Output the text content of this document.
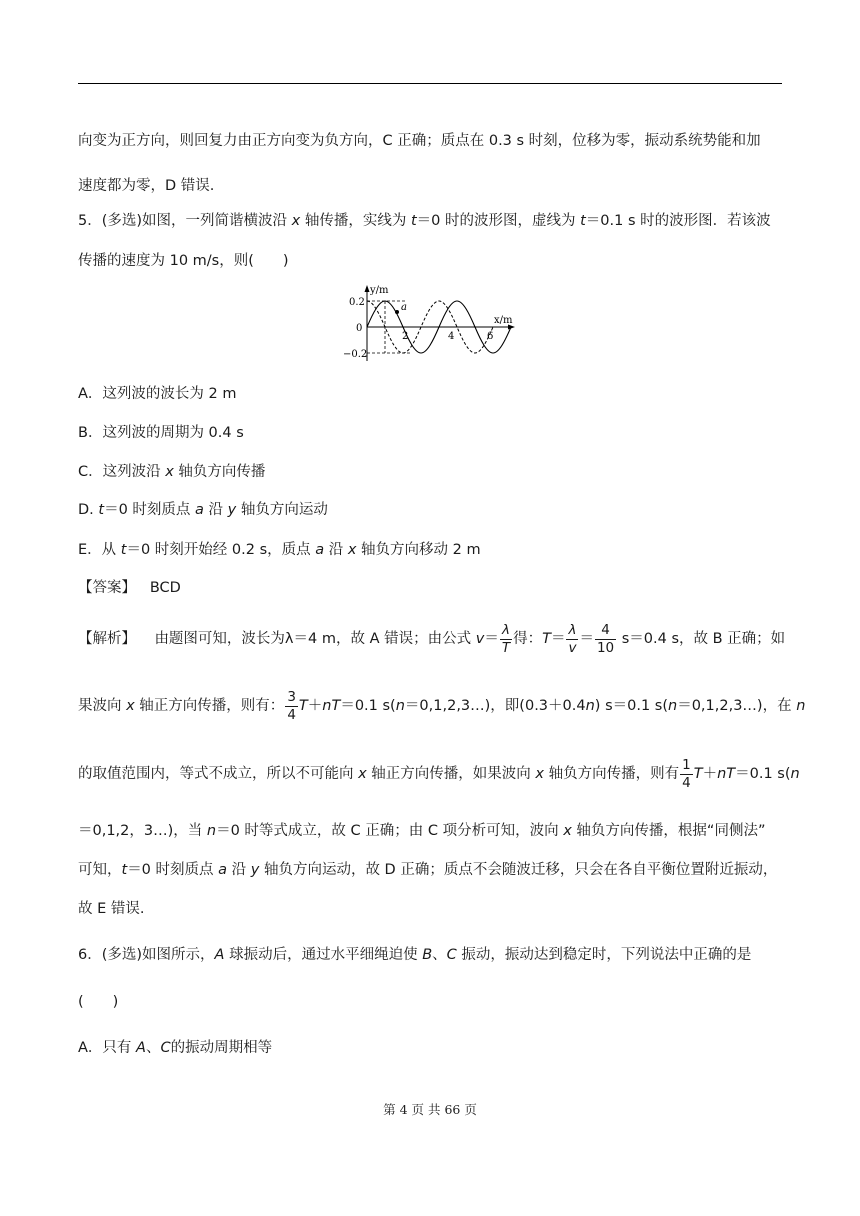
向变为正方向，则回复力由正方向变为负方向，C 正确；质点在 0.3 s 时刻，位移为零，振动系统势能和加
速度都为零，D 错误.
5．(多选)如图，一列简谐横波沿 x 轴传播，实线为 t＝0 时的波形图，虚线为 t＝0.1 s 时的波形图．若该波
传播的速度为 10 m/s，则(　　)
a
y/m
x/m
0.2
0
−0.2
2	4	6
A．这列波的波长为 2 m
B．这列波的周期为 0.4 s
C．这列波沿 x 轴负方向传播
D. t＝0 时刻质点 a 沿 y 轴负方向运动
E．从 t＝0 时刻开始经 0.2 s，质点 a 沿 x 轴负方向移动 2 m
【答案】 BCD
【解析】 由题图可知，波长为λ＝4 m，故 A 错误；由公式 $v= \frac{\lambda}{T}$ 得：$T= \frac{\lambda}{v} = \frac{4}{10} s=0.4$ s，故 B 正确；如
果波向 x 轴正方向传播，则有： $\frac{3}{4} T+nT=0.1$ s(n＝0,1,2,3…)，即(0.3＋0.4n) s＝0.1 s(n＝0,1,2,3…)，在 n
的取值范围内，等式不成立，所以不可能向 x 轴正方向传播，如果波向 x 轴负方向传播，则有 $\frac{1}{4} T+nT=0.1$ s(n
＝0,1,2，3…)，当 n＝0 时等式成立，故 C 正确；由 C 项分析可知，波向 x 轴负方向传播，根据“同侧法”
可知，t＝0 时刻质点 a 沿 y 轴负方向运动，故 D 正确；质点不会随波迁移，只会在各自平衡位置附近振动，
故 E 错误.
6．(多选)如图所示，A 球振动后，通过水平细绳迫使 B、C 振动，振动达到稳定时，下列说法中正确的是
(　　)
A．只有 A、C的振动周期相等
第 4 页 共 66 页
